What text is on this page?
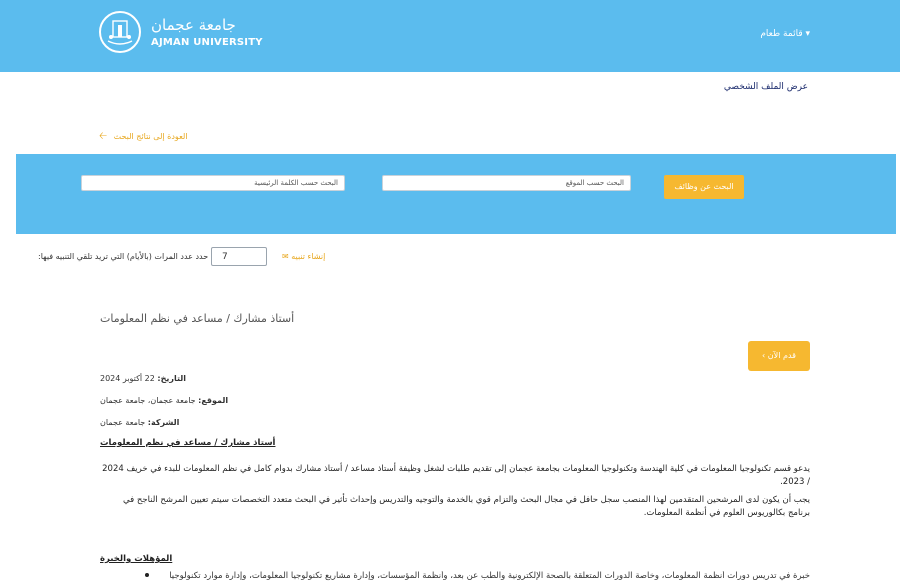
جامعة عجمان
AJMAN UNIVERSITY
▾ قائمة طعام
عرض الملف الشخصي
🡠 العودة إلى نتائج البحث
البحث حسب الكلمة الرئيسية	البحث حسب الموقع	البحث عن وظائف
حدد عدد المرات (بالأيام) التي تريد تلقي التنبيه فيها:	7	✉ إنشاء تنبيه
أستاذ مشارك / مساعد في نظم المعلومات
قدم الآن ›
التاريخ: 22 أكتوبر 2024
الموقع: جامعة عجمان، جامعة عجمان
الشركة: جامعة عجمان
أستاذ مشارك / مساعد في نظم المعلومات
يدعو قسم تكنولوجيا المعلومات في كلية الهندسة وتكنولوجيا المعلومات بجامعة عجمان إلى تقديم طلبات لشغل وظيفة أستاذ مساعد / أستاذ مشارك بدوام كامل في نظم المعلومات للبدء في خريف 2024 / 2023.
يجب أن يكون لدى المرشحين المتقدمين لهذا المنصب سجل حافل في مجال البحث والتزام قوي بالخدمة والتوجيه والتدريس وإحداث تأثير في البحث متعدد التخصصات سيتم تعيين المرشح الناجح في برنامج بكالوريوس العلوم في أنظمة المعلومات.
المؤهلات والخبرة
خبرة في تدريس دورات أنظمة المعلومات، وخاصة الدورات المتعلقة بالصحة الإلكترونية والطب عن بعد، وأنظمة المؤسسات، وإدارة مشاريع تكنولوجيا المعلومات، وإدارة موارد تكنولوجيا
